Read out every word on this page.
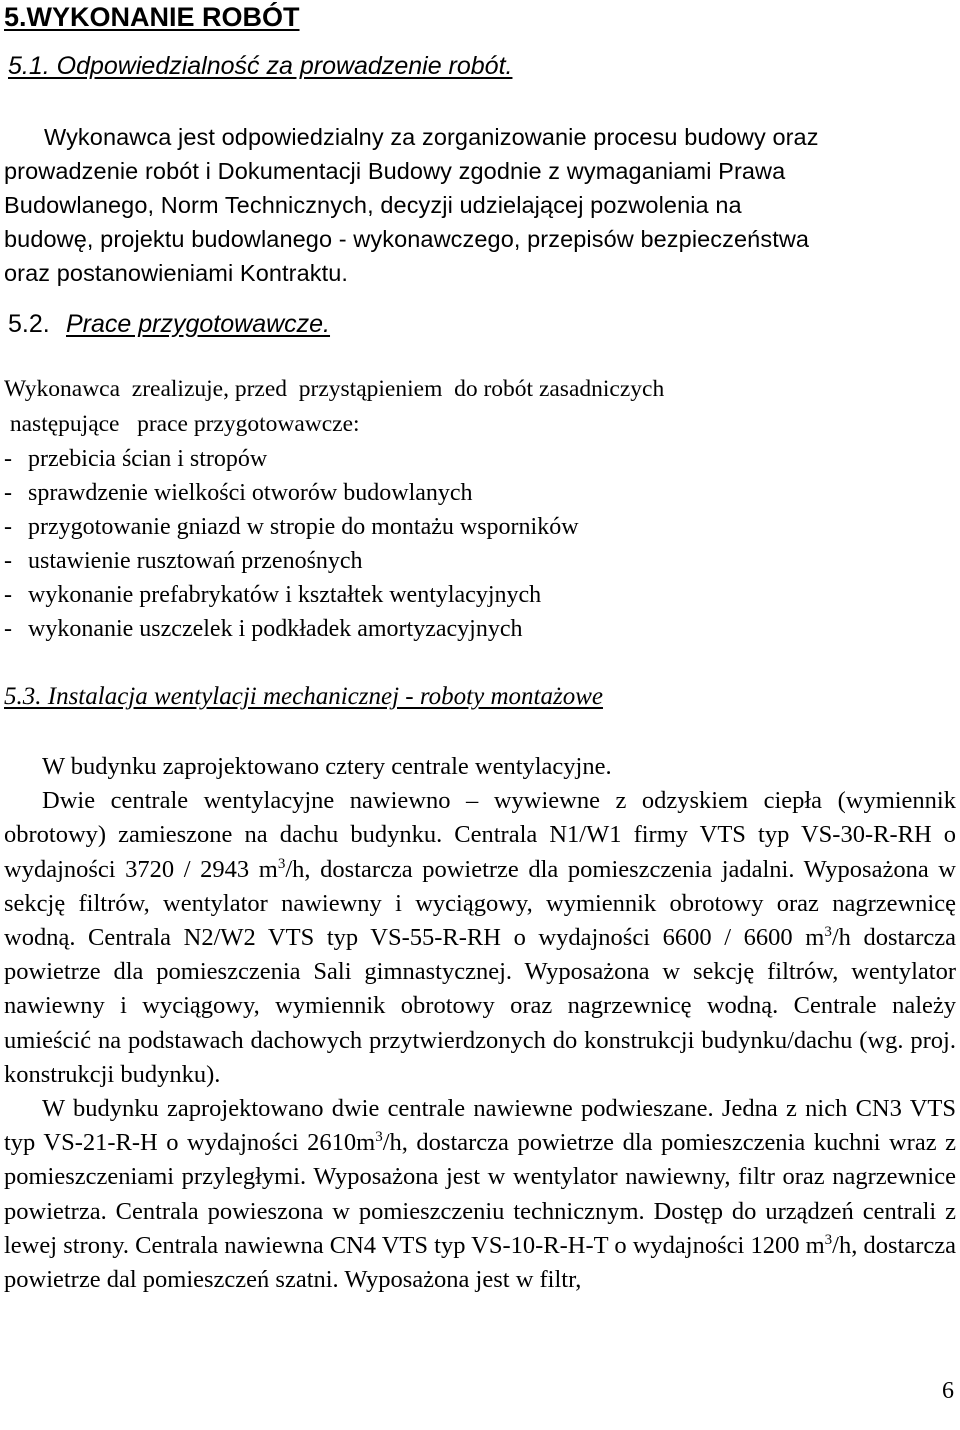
5.WYKONANIE ROBÓT
5.1. Odpowiedzialność za prowadzenie robót.
Wykonawca jest odpowiedzialny za zorganizowanie procesu budowy oraz
prowadzenie robót i Dokumentacji Budowy zgodnie z wymaganiami Prawa
Budowlanego, Norm Technicznych, decyzji udzielającej pozwolenia na
budowę, projektu budowlanego - wykonawczego, przepisów bezpieczeństwa
oraz postanowieniami Kontraktu.
5.2. Prace przygotowawcze.
Wykonawca  zrealizuje, przed  przystąpieniem  do robót zasadniczych
następujące   prace przygotowawcze:
- przebicia ścian i stropów
- sprawdzenie wielkości otworów budowlanych
- przygotowanie gniazd w stropie do montażu wsporników
- ustawienie rusztowań przenośnych
- wykonanie prefabrykatów i kształtek wentylacyjnych
- wykonanie uszczelek i podkładek amortyzacyjnych
5.3. Instalacja wentylacji mechanicznej - roboty montażowe

W budynku zaprojektowano cztery centrale wentylacyjne.

Dwie centrale wentylacyjne nawiewno – wywiewne z odzyskiem ciepła (wymiennik obrotowy) zamieszone na dachu budynku. Centrala N1/W1 firmy VTS typ VS-30-R-RH o wydajności 3720 / 2943 $m^3/h$, dostarcza powietrze dla pomieszczenia jadalni. Wyposażona w sekcję filtrów, wentylator nawiewny i wyciągowy, wymiennik obrotowy oraz nagrzewnicę wodną. Centrala N2/W2 VTS typ VS-55-R-RH o wydajności 6600 / 6600 $m^3/h$ dostarcza powietrze dla pomieszczenia Sali gimnastycznej. Wyposażona w sekcję filtrów, wentylator nawiewny i wyciągowy, wymiennik obrotowy oraz nagrzewnicę wodną. Centrale należy umieścić na podstawach dachowych przytwierdzonych do konstrukcji budynku/dachu (wg. proj. konstrukcji budynku).

W budynku zaprojektowano dwie centrale nawiewne podwieszane. Jedna z nich CN3 VTS typ VS-21-R-H o wydajności $2610m^3/h$, dostarcza powietrze dla pomieszczenia kuchni wraz z pomieszczeniami przyległymi. Wyposażona jest w wentylator nawiewny, filtr oraz nagrzewnice powietrza. Centrala powieszona w pomieszczeniu technicznym. Dostęp do urządzeń centrali z lewej strony. Centrala nawiewna CN4 VTS typ VS-10-R-H-T o wydajności 1200 $m^3/h$, dostarcza powietrze dal pomieszczeń szatni. Wyposażona jest w filtr,

6
